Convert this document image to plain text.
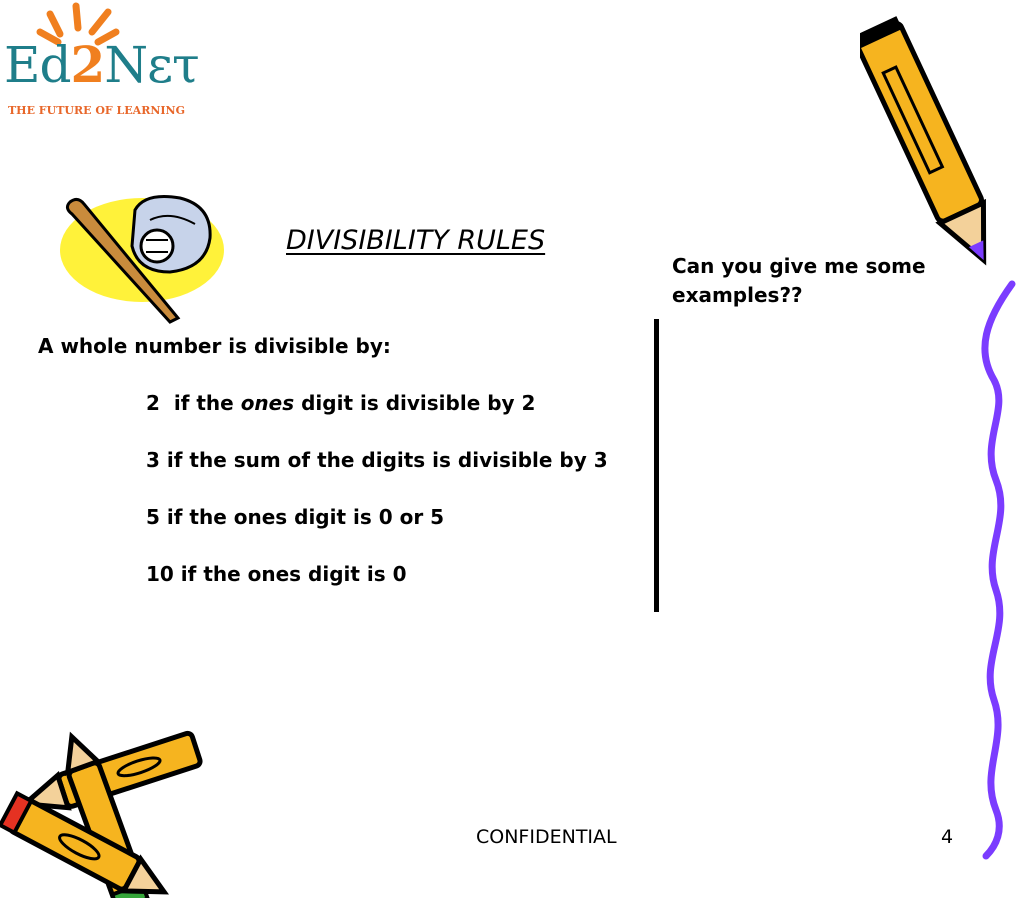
Ed2Nετ
THE FUTURE OF LEARNING
DIVISIBILITY RULES
Can you give me some examples??
A whole number is divisible by:
2  if the ones digit is divisible by 2
3 if the sum of the digits is divisible by 3
5 if the ones digit is 0 or 5
10 if the ones digit is 0
CONFIDENTIAL	4
